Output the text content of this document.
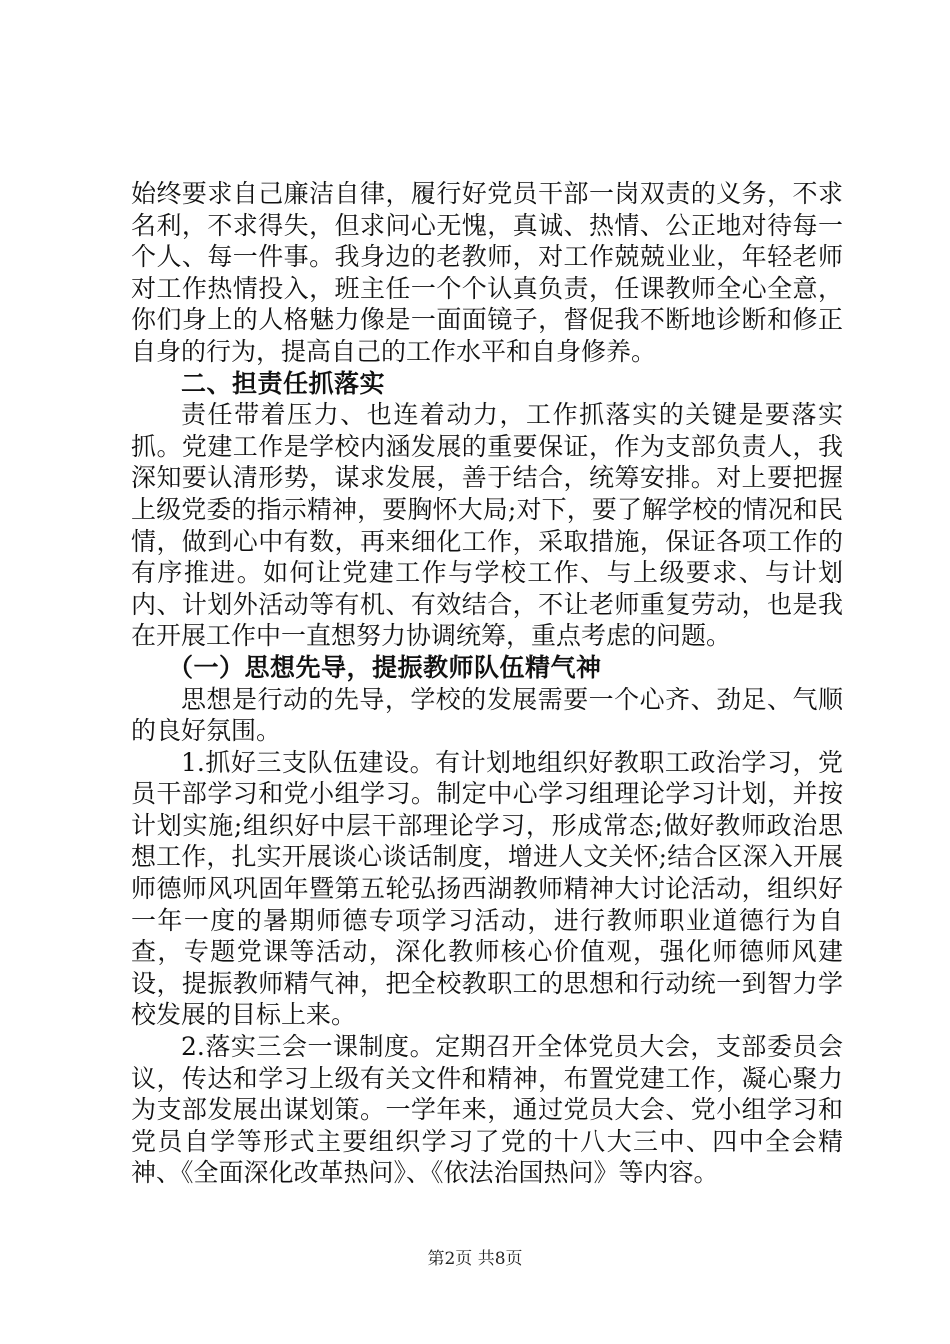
始终要求自己廉洁自律，履行好党员干部一岗双责的义务，不求名利，不求得失，但求问心无愧，真诚、热情、公正地对待每一个人、每一件事。我身边的老教师，对工作兢兢业业，年轻老师对工作热情投入，班主任一个个认真负责，任课教师全心全意，你们身上的人格魅力像是一面面镜子，督促我不断地诊断和修正自身的行为，提高自己的工作水平和自身修养。

二、担责任抓落实

责任带着压力、也连着动力，工作抓落实的关键是要落实抓。党建工作是学校内涵发展的重要保证，作为支部负责人，我深知要认清形势，谋求发展，善于结合，统筹安排。对上要把握上级党委的指示精神，要胸怀大局;对下，要了解学校的情况和民情，做到心中有数，再来细化工作，采取措施，保证各项工作的有序推进。如何让党建工作与学校工作、与上级要求、与计划内、计划外活动等有机、有效结合，不让老师重复劳动，也是我在开展工作中一直想努力协调统筹，重点考虑的问题。

（一）思想先导，提振教师队伍精气神

思想是行动的先导，学校的发展需要一个心齐、劲足、气顺的良好氛围。

1.抓好三支队伍建设。有计划地组织好教职工政治学习，党员干部学习和党小组学习。制定中心学习组理论学习计划，并按计划实施;组织好中层干部理论学习，形成常态;做好教师政治思想工作，扎实开展谈心谈话制度，增进人文关怀;结合区深入开展师德师风巩固年暨第五轮弘扬西湖教师精神大讨论活动，组织好一年一度的暑期师德专项学习活动，进行教师职业道德行为自查，专题党课等活动，深化教师核心价值观，强化师德师风建设，提振教师精气神，把全校教职工的思想和行动统一到智力学校发展的目标上来。

2.落实三会一课制度。定期召开全体党员大会，支部委员会议，传达和学习上级有关文件和精神，布置党建工作，凝心聚力为支部发展出谋划策。一学年来，通过党员大会、党小组学习和党员自学等形式主要组织学习了党的十八大三中、四中全会精神、《全面深化改革热问》、《依法治国热问》等内容。

第2页 共8页
